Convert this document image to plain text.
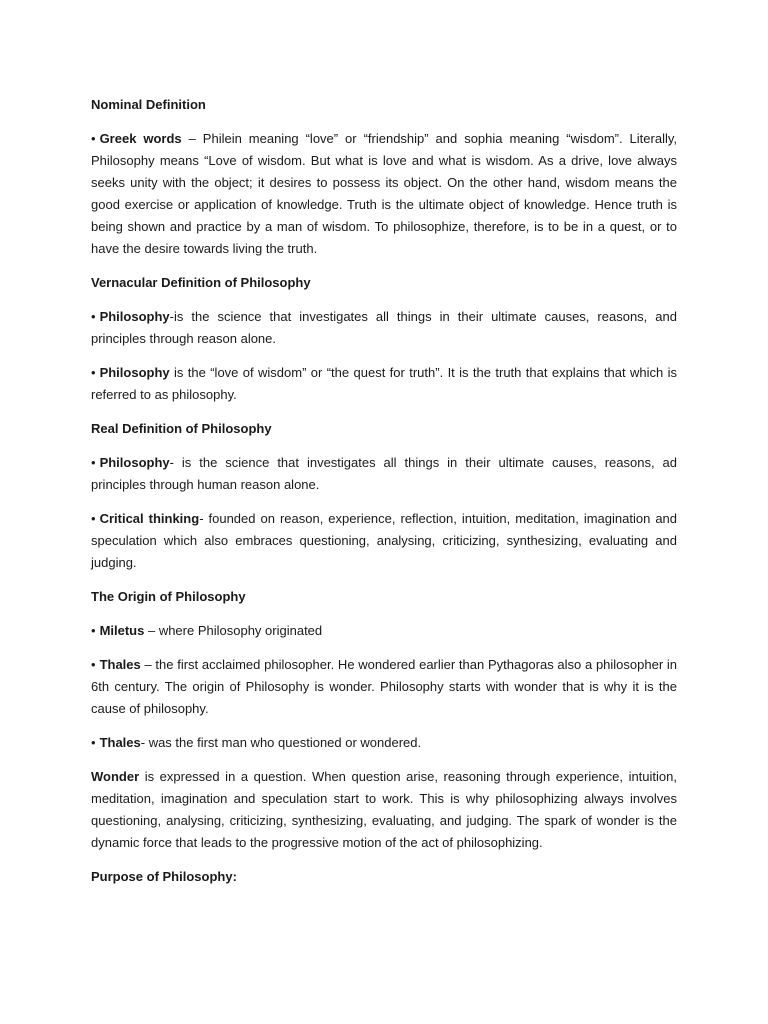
Nominal Definition

• Greek words – Philein meaning “love” or “friendship” and sophia meaning “wisdom”. Literally, Philosophy means “Love of wisdom. But what is love and what is wisdom. As a drive, love always seeks unity with the object; it desires to possess its object. On the other hand, wisdom means the good exercise or application of knowledge. Truth is the ultimate object of knowledge. Hence truth is being shown and practice by a man of wisdom. To philosophize, therefore, is to be in a quest, or to have the desire towards living the truth.

Vernacular Definition of Philosophy

• Philosophy-is the science that investigates all things in their ultimate causes, reasons, and principles through reason alone.

• Philosophy is the “love of wisdom” or “the quest for truth”. It is the truth that explains that which is referred to as philosophy.

Real Definition of Philosophy

• Philosophy- is the science that investigates all things in their ultimate causes, reasons, ad principles through human reason alone.

• Critical thinking- founded on reason, experience, reflection, intuition, meditation, imagination and speculation which also embraces questioning, analysing, criticizing, synthesizing, evaluating and judging.

The Origin of Philosophy

• Miletus – where Philosophy originated

• Thales – the first acclaimed philosopher. He wondered earlier than Pythagoras also a philosopher in 6th century. The origin of Philosophy is wonder. Philosophy starts with wonder that is why it is the cause of philosophy.

• Thales- was the first man who questioned or wondered.

Wonder is expressed in a question. When question arise, reasoning through experience, intuition, meditation, imagination and speculation start to work. This is why philosophizing always involves questioning, analysing, criticizing, synthesizing, evaluating, and judging. The spark of wonder is the dynamic force that leads to the progressive motion of the act of philosophizing.

Purpose of Philosophy:
